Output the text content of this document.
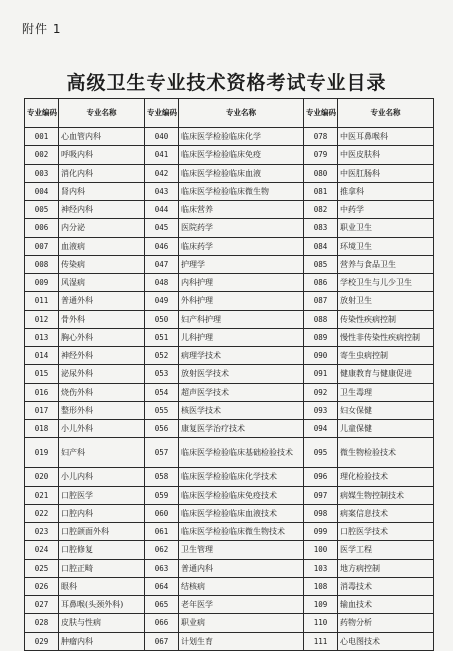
附件 1
高级卫生专业技术资格考试专业目录
专业编码	专业名称	专业编码	专业名称	专业编码	专业名称
001	心血管内科	040	临床医学检验临床化学	078	中医耳鼻喉科
002	呼吸内科	041	临床医学检验临床免疫	079	中医皮肤科
003	消化内科	042	临床医学检验临床血液	080	中医肛肠科
004	肾内科	043	临床医学检验临床微生物	081	推拿科
005	神经内科	044	临床营养	082	中药学
006	内分泌	045	医院药学	083	职业卫生
007	血液病	046	临床药学	084	环境卫生
008	传染病	047	护理学	085	营养与食品卫生
009	风湿病	048	内科护理	086	学校卫生与儿少卫生
011	普通外科	049	外科护理	087	放射卫生
012	骨外科	050	妇产科护理	088	传染性疾病控制
013	胸心外科	051	儿科护理	089	慢性非传染性疾病控制
014	神经外科	052	病理学技术	090	寄生虫病控制
015	泌尿外科	053	放射医学技术	091	健康教育与健康促进
016	烧伤外科	054	超声医学技术	092	卫生毒理
017	整形外科	055	核医学技术	093	妇女保健
018	小儿外科	056	康复医学治疗技术	094	儿童保健
019	妇产科	057	临床医学检验临床基础检验技术	095	微生物检验技术
020	小儿内科	058	临床医学检验临床化学技术	096	理化检验技术
021	口腔医学	059	临床医学检验临床免疫技术	097	病媒生物控制技术
022	口腔内科	060	临床医学检验临床血液技术	098	病案信息技术
023	口腔颌面外科	061	临床医学检验临床微生物技术	099	口腔医学技术
024	口腔修复	062	卫生管理	100	医学工程
025	口腔正畸	063	普通内科	103	地方病控制
026	眼科	064	结核病	108	消毒技术
027	耳鼻喉(头颈外科)	065	老年医学	109	输血技术
028	皮肤与性病	066	职业病	110	药物分析
029	肿瘤内科	067	计划生育	111	心电图技术
